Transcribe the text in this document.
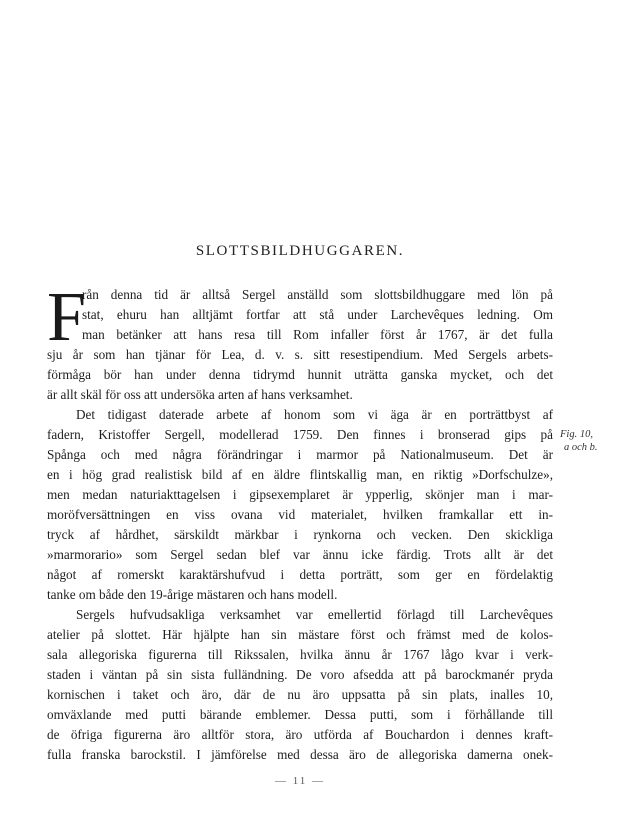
SLOTTSBILDHUGGAREN.
F
rån denna tid är alltså Sergel anställd som slottsbildhuggare med lön på
stat, ehuru han alltjämt fortfar att stå under Larchevêques ledning. Om
man betänker att hans resa till Rom infaller först år 1767, är det fulla
sju år som han tjänar för Lea, d. v. s. sitt resestipendium. Med Sergels arbets-
förmåga bör han under denna tidrymd hunnit uträtta ganska mycket, och det
är allt skäl för oss att undersöka arten af hans verksamhet.
Det tidigast daterade arbete af honom som vi äga är en porträttbyst af
fadern, Kristoffer Sergell, modellerad 1759. Den finnes i bronserad gips på
Spånga och med några förändringar i marmor på Nationalmuseum. Det är
en i hög grad realistisk bild af en äldre flintskallig man, en riktig »Dorfschulze»,
men medan naturiakttagelsen i gipsexemplaret är ypperlig, skönjer man i mar-
moröfversättningen en viss ovana vid materialet, hvilken framkallar ett in-
tryck af hårdhet, särskildt märkbar i rynkorna och vecken. Den skickliga
»marmorario» som Sergel sedan blef var ännu icke färdig. Trots allt är det
något af romerskt karaktärshufvud i detta porträtt, som ger en fördelaktig
tanke om både den 19-årige mästaren och hans modell.
Sergels hufvudsakliga verksamhet var emellertid förlagd till Larchevêques
atelier på slottet. Här hjälpte han sin mästare först och främst med de kolos-
sala allegoriska figurerna till Rikssalen, hvilka ännu år 1767 lågo kvar i verk-
staden i väntan på sin sista fulländning. De voro afsedda att på barockmanér pryda
kornischen i taket och äro, där de nu äro uppsatta på sin plats, inalles 10,
omväxlande med putti bärande emblemer. Dessa putti, som i förhållande till
de öfriga figurerna äro alltför stora, äro utförda af Bouchardon i dennes kraft-
fulla franska barockstil. I jämförelse med dessa äro de allegoriska damerna onek-
Fig. 10,
a och b.
— 11 —
